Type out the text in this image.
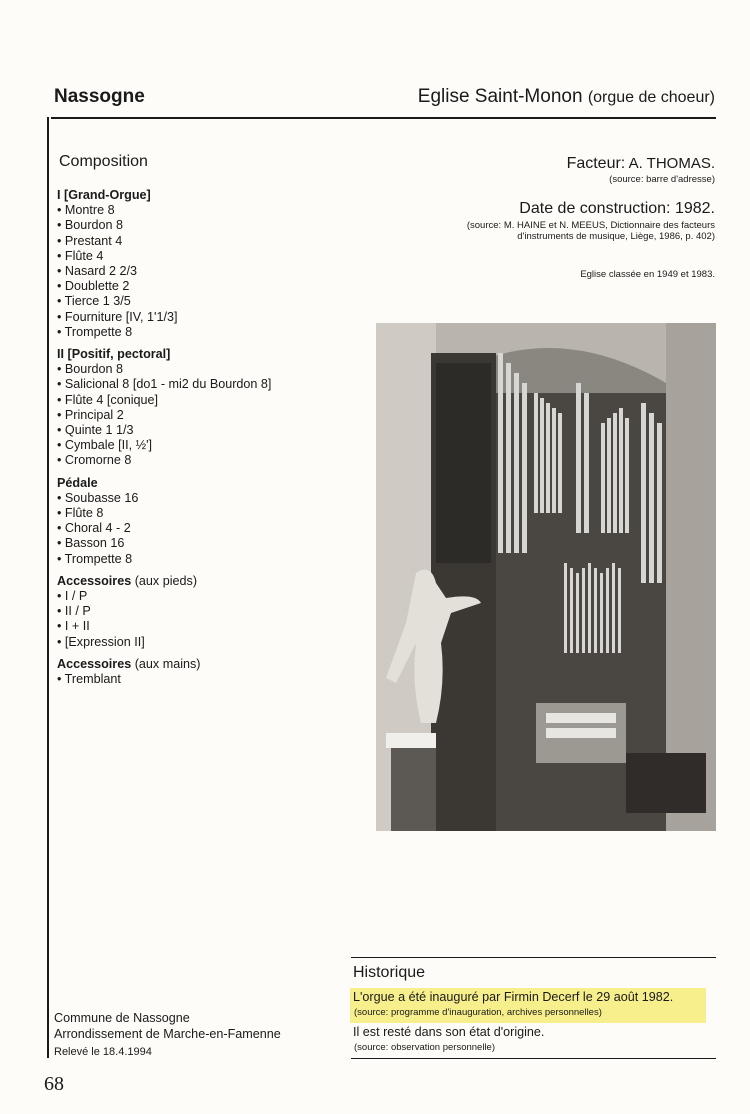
Nassogne	Eglise Saint-Monon (orgue de choeur)
Composition
I [Grand-Orgue]
• Montre 8
• Bourdon 8
• Prestant 4
• Flûte 4
• Nasard 2 2/3
• Doublette 2
• Tierce 1 3/5
• Fourniture [IV, 1'1/3]
• Trompette 8
II [Positif, pectoral]
• Bourdon 8
• Salicional 8 [do1 - mi2 du Bourdon 8]
• Flûte 4 [conique]
• Principal 2
• Quinte 1 1/3
• Cymbale [II, ½']
• Cromorne 8
Pédale
• Soubasse 16
• Flûte 8
• Choral 4 - 2
• Basson 16
• Trompette 8
Accessoires (aux pieds)
• I / P
• II / P
• I + II
• [Expression II]
Accessoires (aux mains)
• Tremblant
Facteur: A. THOMAS.
(source: barre d'adresse)
Date de construction: 1982.
(source: M. HAINE et N. MEEUS, Dictionnaire des facteurs
d'instruments de musique, Liège, 1986, p. 402)
Eglise classée en 1949 et 1983.
Historique
L'orgue a été inauguré par Firmin Decerf le 29 août 1982.
(source: programme d'inauguration, archives personnelles)
Il est resté dans son état d'origine.
(source: observation personnelle)
Commune de Nassogne
Arrondissement de Marche-en-Famenne
Relevé le 18.4.1994
68
